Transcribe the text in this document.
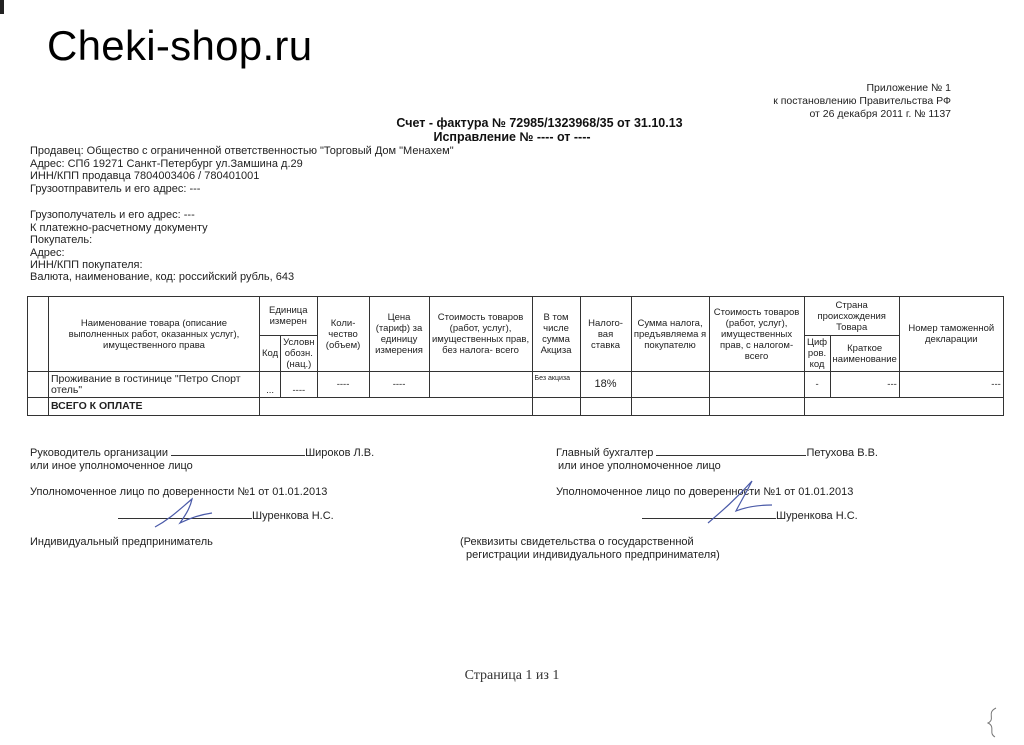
Cheki-shop.ru
Приложение № 1
к постановлению Правительства РФ
от 26 декабря 2011 г. № 1137
Счет - фактура № 72985/1323968/35 от 31.10.13
Исправление № ---- от ----
Продавец: Общество с ограниченной ответственностью "Торговый Дом "Менахем"
Адрес: СПб 19271 Санкт-Петербург ул.Замшина д.29
ИНН/КПП продавца 7804003406 / 780401001
Грузоотправитель и его адрес: ---
Грузополучатель и его адрес: ---
К платежно-расчетному документу
Покупатель:
Адрес:
ИНН/КПП покупателя:
Валюта, наименование, код: российский рубль, 643
	Наименование товара (описание выполненных работ, оказанных услуг), имущественного права	Единица измерен		Коли-чество (объем)	Цена (тариф) за единицу измерения	Стоимость товаров (работ, услуг), имущественных прав, без налога- всего	В том числе сумма Акциза	Налого-вая ставка	Сумма налога, предъявляема я покупателю	Стоимость товаров (работ, услуг), имущественных прав, с налогом- всего	Страна происхождения Товара		Номер таможенной декларации
		Код	Условн обозн. (нац.)								Циф ров. код	Краткое наименование	
	Проживание в гостинице "Петро Спорт отель"	...	----	----	----		Без акциза	18%			-	---	---
	ВСЕГО К ОПЛАТЕ												
Руководитель организации	Широков Л.В.
или иное уполномоченное лицо
Главный бухгалтер	Петухова В.В.
или иное уполномоченное лицо
Уполномоченное лицо по доверенности №1 от 01.01.2013	Уполномоченное лицо по доверенности №1 от 01.01.2013
Шуренкова Н.С.	Шуренкова Н.С.
Индивидуальный предприниматель	(Реквизиты свидетельства о государственной
регистрации индивидуального предпринимателя)
Страница 1 из 1
